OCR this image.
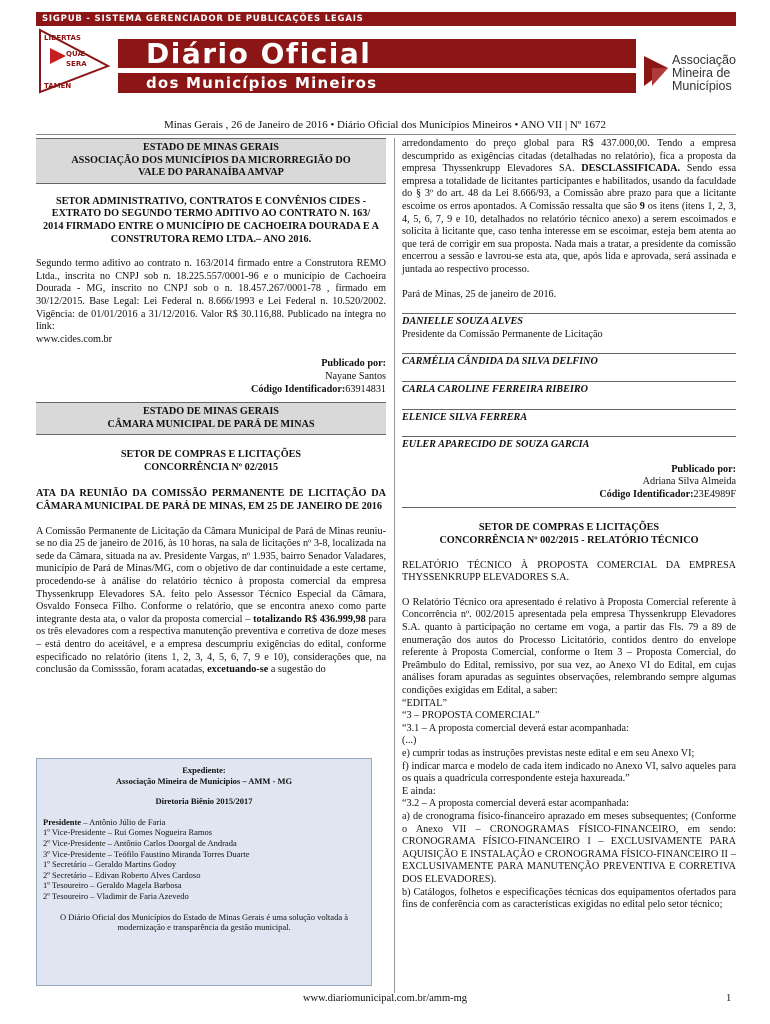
SIGPUB - SISTEMA GERENCIADOR DE PUBLICAÇÕES LEGAIS
LIBERTAS
QUÆ
SERA
TAMEN
Diário Oficial
dos Municípios Mineiros
Associação
Mineira de
Municípios
Minas Gerais , 26 de Janeiro de 2016 • Diário Oficial dos Municípios Mineiros • ANO VII | Nº 1672
ESTADO DE MINAS GERAIS
ASSOCIAÇÃO DOS MUNICÍPIOS DA MICRORREGIÃO DO
VALE DO PARANAÍBA AMVAP
SETOR ADMINISTRATIVO, CONTRATOS E CONVÊNIOS CIDES - EXTRATO DO SEGUNDO TERMO ADITIVO AO CONTRATO N. 163/ 2014 FIRMADO ENTRE O MUNICÍPIO DE CACHOEIRA DOURADA E A CONSTRUTORA REMO LTDA.– ANO 2016.
Segundo termo aditivo ao contrato n. 163/2014 firmado entre a Construtora REMO Ltda., inscrita no CNPJ sob n. 18.225.557/0001-96 e o município de Cachoeira Dourada - MG, inscrito no CNPJ sob o n. 18.457.267/0001-78 , firmado em 30/12/2015. Base Legal: Lei Federal n. 8.666/1993 e Lei Federal n. 10.520/2002. Vigência: de 01/01/2016 a 31/12/2016. Valor R$ 30.116,88. Publicado na íntegra no link:
www.cides.com.br
Publicado por:
Nayane Santos
Código Identificador:63914831
ESTADO DE MINAS GERAIS
CÂMARA MUNICIPAL DE PARÁ DE MINAS
SETOR DE COMPRAS E LICITAÇÕES
CONCORRÊNCIA Nº 02/2015
ATA DA REUNIÃO DA COMISSÃO PERMANENTE DE LICITAÇÃO DA CÂMARA MUNICIPAL DE PARÁ DE MINAS, EM 25 DE JANEIRO DE 2016
A Comissão Permanente de Licitação da Câmara Municipal de Pará de Minas reuniu-se no dia 25 de janeiro de 2016, às 10 horas, na sala de licitações nº 3-8, localizada na sede da Câmara, situada na av. Presidente Vargas, nº 1.935, bairro Senador Valadares, município de Pará de Minas/MG, com o objetivo de dar continuidade a este certame, procedendo-se à análise do relatório técnico à proposta comercial da empresa Thyssenkrupp Elevadores SA. feito pelo Assessor Técnico Especial da Câmara, Osvaldo Fonseca Filho. Conforme o relatório, que se encontra anexo como parte integrante desta ata, o valor da proposta comercial – totalizando R$ 436.999,98 para os três elevadores com a respectiva manutenção preventiva e corretiva de doze meses – está dentro do aceitável, e a empresa descumpriu exigências do edital, conforme especificado no relatório (itens 1, 2, 3, 4, 5, 6, 7, 9 e 10), considerações que, na conclusão da Comisssão, foram acatadas, excetuando-se a sugestão do
Expediente:
Associação Mineira de Municípios – AMM - MG
Diretoria Biênio 2015/2017
Presidente – Antônio Júlio de Faria
1º Vice-Presidente – Rui Gomes Nogueira Ramos
2º Vice-Presidente – Antônio Carlos Doorgal de Andrada
3º Vice-Presidente – Teófilo Faustino Miranda Torres Duarte
1º Secretário – Geraldo Martins Godoy
2º Secretário – Edivan Roberto Alves Cardoso
1º Tesoureiro – Geraldo Magela Barbosa
2º Tesoureiro – Vladimir de Faria Azevedo
O Diário Oficial dos Municípios do Estado de Minas Gerais é uma solução voltada à modernização e transparência da gestão municipal.
arredondamento do preço global para R$ 437.000,00. Tendo a empresa descumprido as exigências citadas (detalhadas no relatório), fica a proposta da empresa Thyssenkrupp Elevadores SA. DESCLASSIFICADA. Sendo essa empresa a totalidade de licitantes participantes e habilitados, usando da faculdade do § 3º do art. 48 da Lei 8.666/93, a Comissão abre prazo para que a licitante escoime os erros apontados. A Comissão ressalta que são 9 os itens (itens 1, 2, 3, 4, 5, 6, 7, 9 e 10, detalhados no relatório técnico anexo) a serem escoimados e solicita à licitante que, caso tenha interesse em se escoimar, esteja bem atenta ao que terá de corrigir em sua proposta. Nada mais a tratar, a presidente da comissão encerrou a sessão e lavrou-se esta ata, que, após lida e aprovada, será assinada e juntada ao respectivo processo.
Pará de Minas, 25 de janeiro de 2016.
DANIELLE SOUZA ALVES
Presidente da Comissão Permanente de Licitação
CARMÉLIA CÂNDIDA DA SILVA DELFINO
CARLA CAROLINE FERREIRA RIBEIRO
ELENICE SILVA FERRERA
EULER APARECIDO DE SOUZA GARCIA
Publicado por:
Adriana Silva Almeida
Código Identificador:23E4989F
SETOR DE COMPRAS E LICITAÇÕES
CONCORRÊNCIA Nº 002/2015 - RELATÓRIO TÉCNICO
RELATÓRIO TÉCNICO À PROPOSTA COMERCIAL DA EMPRESA THYSSENKRUPP ELEVADORES S.A.
O Relatório Técnico ora apresentado é relativo à Proposta Comercial referente à Concorrência nº. 002/2015 apresentada pela empresa Thyssenkrupp Elevadores S.A. quanto à participação no certame em voga, a partir das Fls. 79 a 89 de enumeração dos autos do Processo Licitatório, contidos dentro do envelope referente à Proposta Comercial, conforme o Item 3 – Proposta Comercial, do Preâmbulo do Edital, remissivo, por sua vez, ao Anexo VI do Edital, em cujas análises foram apuradas as seguintes observações, relembrando sempre algumas condições exigidas em Edital, a saber:
“EDITAL”
“3 – PROPOSTA COMERCIAL”
“3.1 – A proposta comercial deverá estar acompanhada:
(...)
e) cumprir todas as instruções previstas neste edital e em seu Anexo VI;
f) indicar marca e modelo de cada item indicado no Anexo VI, salvo aqueles para os quais a quadrícula correspondente esteja haxureada.”
E ainda:
“3.2 – A proposta comercial deverá estar acompanhada:
a) de cronograma físico-financeiro aprazado em meses subsequentes; (Conforme o Anexo VII – CRONOGRAMAS FÍSICO-FINANCEIRO, em sendo: CRONOGRAMA FÍSICO-FINANCEIRO I – EXCLUSIVAMENTE PARA AQUISIÇÃO E INSTALAÇÃO e CRONOGRAMA FÍSICO-FINANCEIRO II – EXCLUSIVAMENTE PARA MANUTENÇÃO PREVENTIVA E CORRETIVA DOS ELEVADORES).
b) Catálogos, folhetos e especificações técnicas dos equipamentos ofertados para fins de conferência com as características exigidas no edital pelo setor técnico;
www.diariomunicipal.com.br/amm-mg	1
